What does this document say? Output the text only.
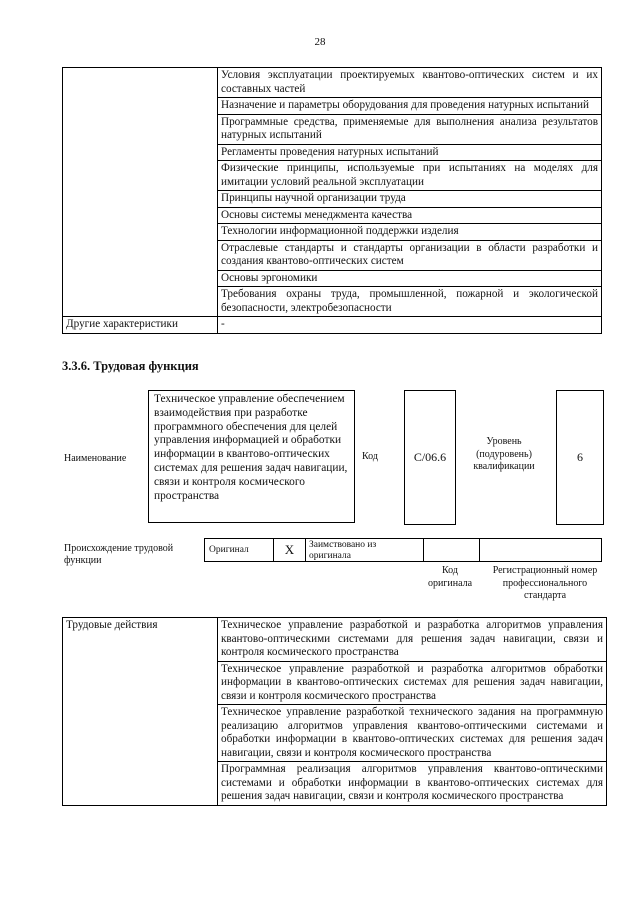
28
	Условия эксплуатации проектируемых квантово-оптических систем и их составных частей
	Назначение и параметры оборудования для проведения натурных испытаний
	Программные средства, применяемые для выполнения анализа результатов натурных испытаний
	Регламенты проведения натурных испытаний
	Физические принципы, используемые при испытаниях на моделях для имитации условий реальной эксплуатации
	Принципы научной организации труда
	Основы системы менеджмента качества
	Технологии информационной поддержки изделия
	Отраслевые стандарты и стандарты организации в области разработки и создания квантово-оптических систем
	Основы эргономики
	Требования охраны труда, промышленной, пожарной и экологической безопасности, электробезопасности
Другие характеристики	-
3.3.6. Трудовая функция
Наименование
Техническое управление обеспечением взаимодействия при разработке программного обеспечения для целей управления информацией и обработки информации в квантово-оптических системах для решения задач навигации, связи и контроля космического пространства
Код	C/06.6
Уровень (подуровень) квалификации
6
Происхождение трудовой функции
Оригинал	X	Заимствовано из оригинала
Код оригинала
Регистрационный номер профессионального стандарта
Трудовые действия	Техническое управление разработкой и разработка алгоритмов управления квантово-оптическими системами для решения задач навигации, связи и контроля космического пространства
Техническое управление разработкой и разработка алгоритмов обработки информации в квантово-оптических системах для решения задач навигации, связи и контроля космического пространства
Техническое управление разработкой технического задания на программную реализацию алгоритмов управления квантово-оптическими системами и обработки информации в квантово-оптических системах для решения задач навигации, связи и контроля космического пространства
Программная реализация алгоритмов управления квантово-оптическими системами и обработки информации в квантово-оптических системах для решения задач навигации, связи и контроля космического пространства
